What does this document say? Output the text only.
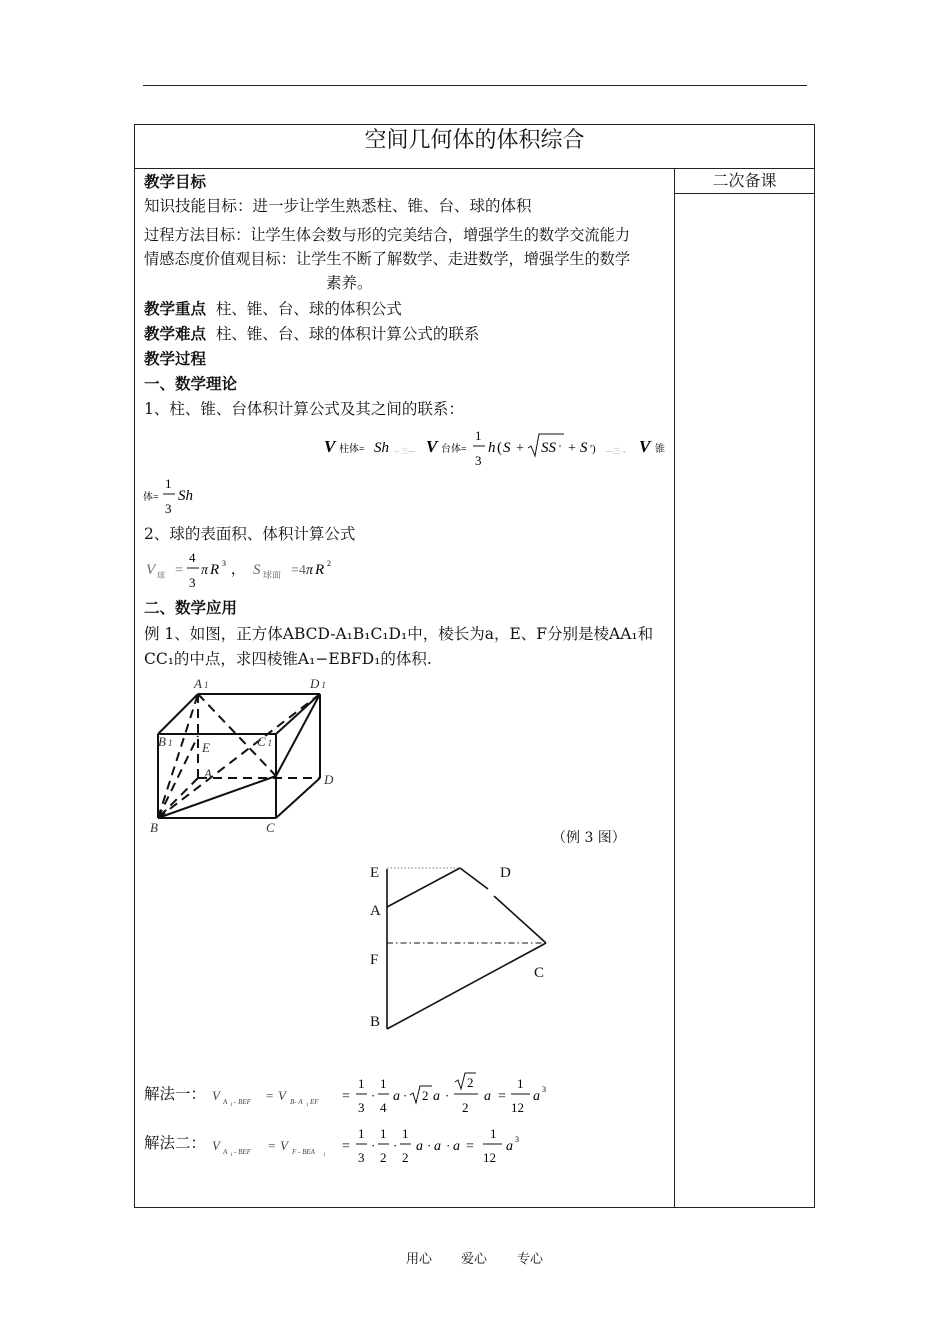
空间几何体的体积综合
二次备课
教学目标
知识技能目标：进一步让学生熟悉柱、锥、台、球的体积
过程方法目标：让学生体会数与形的完美结合，增强学生的数学交流能力
情感态度价值观目标：让学生不断了解数学、走进数学，增强学生的数学
素养。
教学重点 柱、锥、台、球的体积公式
教学难点 柱、锥、台、球的体积计算公式的联系
教学过程
一、数学理论
1、柱、锥、台体积计算公式及其之间的联系：
V 柱体= Sh ←三— V 台体=
1
3
h ( S + SS ' + S ') —三→ V 锥
体=
1
3
Sh
2、球的表面积、体积计算公式
V 球 =
4
3
π R 3 ， S 球面 =4 π R 2
二、数学应用
例 1、如图，正方体ABCD-A₁B₁C₁D₁中，棱长为a，E、F分别是棱AA₁和
CC₁的中点，求四棱锥A₁−EBFD₁的体积.
A 1	D 1
B 1	C 1
E
A	D
B	C
（例 3 图）
E	D
A
F
C
B
解法一： V A 1 - BEF = V B- A 1 EF =
1
3
·
1
4
a · 2 a ·
2
2
a =
1
12
a 3
解法二： V A 1 - BEF = V F - BEA 1
=
1
3
·
1
2
·
1
2
a · a · a =
1
12
a 3
用心 爱心 专心
